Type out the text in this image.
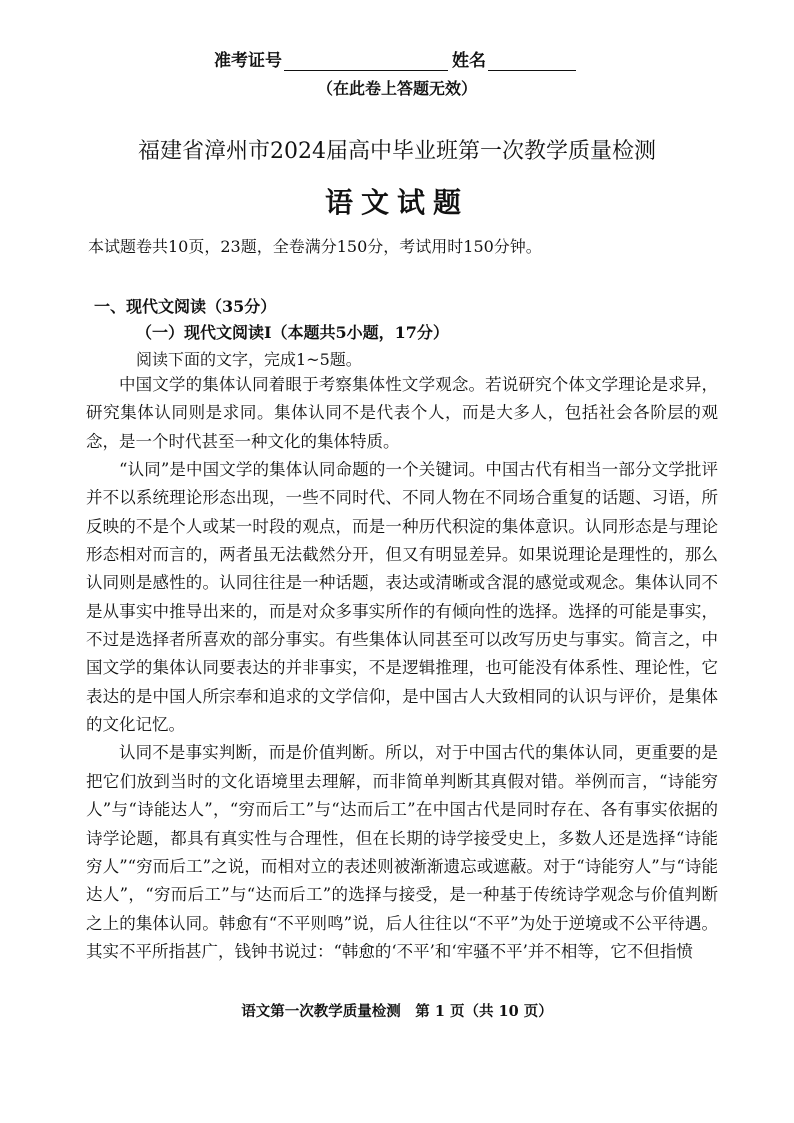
准考证号	姓名
（在此卷上答题无效）
福建省漳州市2024届高中毕业班第一次教学质量检测
语文试题
本试题卷共10页，23题，全卷满分150分，考试用时150分钟。
一、现代文阅读（35分）
（一）现代文阅读Ⅰ（本题共5小题，17分）
阅读下面的文字，完成1~5题。

中国文学的集体认同着眼于考察集体性文学观念。若说研究个体文学理论是求异，研究集体认同则是求同。集体认同不是代表个人，而是大多人，包括社会各阶层的观念，是一个时代甚至一种文化的集体特质。

“认同”是中国文学的集体认同命题的一个关键词。中国古代有相当一部分文学批评并不以系统理论形态出现，一些不同时代、不同人物在不同场合重复的话题、习语，所反映的不是个人或某一时段的观点，而是一种历代积淀的集体意识。认同形态是与理论形态相对而言的，两者虽无法截然分开，但又有明显差异。如果说理论是理性的，那么认同则是感性的。认同往往是一种话题，表达或清晰或含混的感觉或观念。集体认同不是从事实中推导出来的，而是对众多事实所作的有倾向性的选择。选择的可能是事实，不过是选择者所喜欢的部分事实。有些集体认同甚至可以改写历史与事实。简言之，中国文学的集体认同要表达的并非事实，不是逻辑推理，也可能没有体系性、理论性，它表达的是中国人所宗奉和追求的文学信仰，是中国古人大致相同的认识与评价，是集体的文化记忆。

认同不是事实判断，而是价值判断。所以，对于中国古代的集体认同，更重要的是把它们放到当时的文化语境里去理解，而非简单判断其真假对错。举例而言，“诗能穷人”与“诗能达人”，“穷而后工”与“达而后工”在中国古代是同时存在、各有事实依据的诗学论题，都具有真实性与合理性，但在长期的诗学接受史上，多数人还是选择“诗能穷人”“穷而后工”之说，而相对立的表述则被渐渐遗忘或遮蔽。对于“诗能穷人”与“诗能达人”，“穷而后工”与“达而后工”的选择与接受，是一种基于传统诗学观念与价值判断之上的集体认同。韩愈有“不平则鸣”说，后人往往以“不平”为处于逆境或不公平待遇。其实不平所指甚广，钱钟书说过：“韩愈的‘不平’和‘牢骚不平’并不相等，它不但指愤

语文第一次教学质量检测　第 1 页（共 10 页）
